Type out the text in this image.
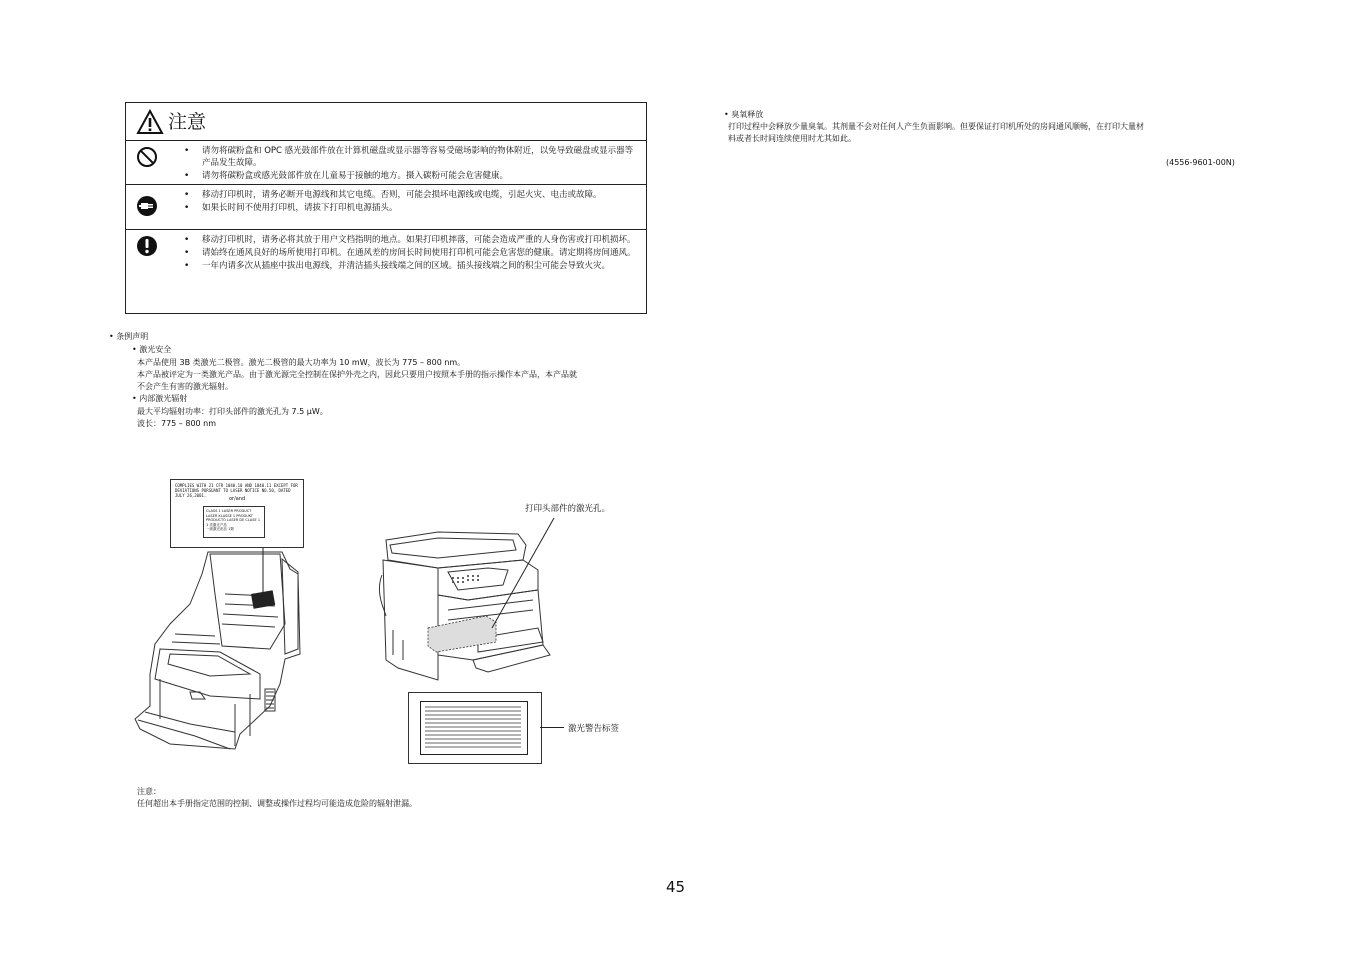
注意
• 请勿将碳粉盒和 OPC 感光鼓部件放在计算机磁盘或显示器等容易受磁场影响的物体附近，以免导致磁盘或显示器等产品发生故障。
• 请勿将碳粉盒或感光鼓部件放在儿童易于接触的地方。摄入碳粉可能会危害健康。
• 移动打印机时，请务必断开电源线和其它电缆。否则，可能会损坏电源线或电缆，引起火灾、电击或故障。
• 如果长时间不使用打印机，请拔下打印机电源插头。
• 移动打印机时，请务必将其放于用户文档指明的地点。如果打印机摔落，可能会造成严重的人身伤害或打印机损坏。
• 请始终在通风良好的场所使用打印机。在通风差的房间长时间使用打印机可能会危害您的健康。请定期将房间通风。
• 一年内请多次从插座中拔出电源线，并清洁插头接线端之间的区域。插头接线端之间的积尘可能会导致火灾。
• 条例声明
• 激光安全
本产品使用 3B 类激光二极管。激光二极管的最大功率为 10 mW，波长为 775 – 800 nm。
本产品被评定为一类激光产品。由于激光源完全控制在保护外壳之内，因此只要用户按照本手册的指示操作本产品，本产品就
不会产生有害的激光辐射。
• 内部激光辐射
最大平均辐射功率：打印头部件的激光孔为 7.5 μW。
波长：775 – 800 nm
COMPLIES WITH 21 CFR 1040.10 AND 1040.11 EXCEPT FOR DEVIATIONS PURSUANT TO LASER NOTICE NO.50, DATED JULY 26,2001.
or/and
CLASS 1 LASER PRODUCT
LASER KLASSE 1 PRODUKT
PRODUCTO LASER DE CLASE 1
1 类激光产品
一級激光産品 1類
打印头部件的激光孔。
激光警告标签
注意：
任何超出本手册指定范围的控制、调整或操作过程均可能造成危险的辐射泄漏。
• 臭氧释放
打印过程中会释放少量臭氧。其剂量不会对任何人产生负面影响。但要保证打印机所处的房间通风顺畅，在打印大量材
料或者长时间连续使用时尤其如此。
(4556-9601-00N)
45
